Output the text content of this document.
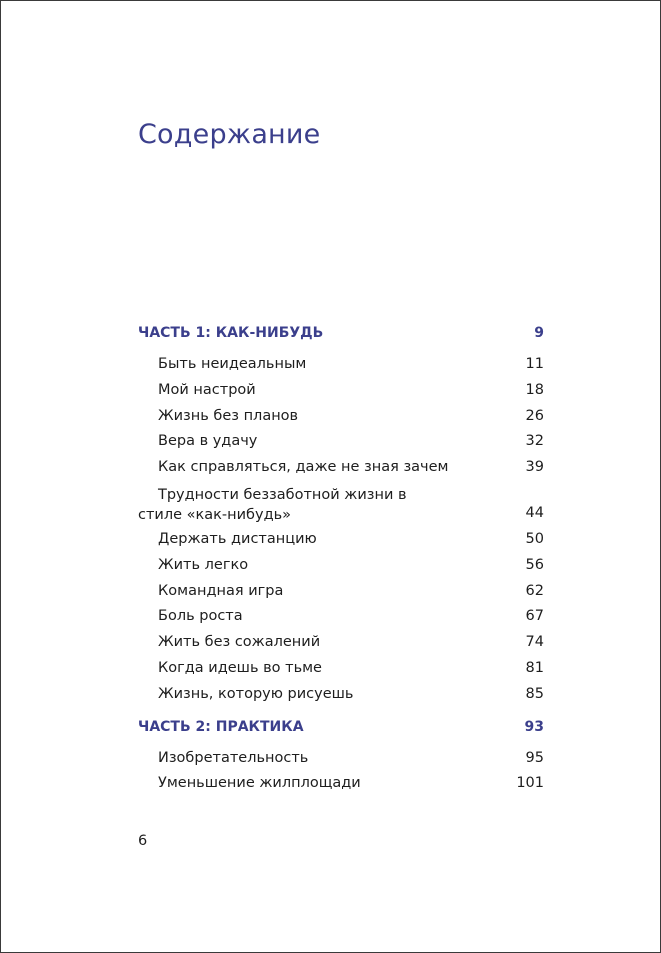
Содержание
ЧАСТЬ 1: КАК-НИБУДЬ	9
Быть неидеальным	11
Мой настрой	18
Жизнь без планов	26
Вера в удачу	32
Как справляться, даже не зная зачем	39
Трудности беззаботной жизни в стиле «как-нибудь»	44
Держать дистанцию	50
Жить легко	56
Командная игра	62
Боль роста	67
Жить без сожалений	74
Когда идешь во тьме	81
Жизнь, которую рисуешь	85
ЧАСТЬ 2: ПРАКТИКА	93
Изобретательность	95
Уменьшение жилплощади	101
6
